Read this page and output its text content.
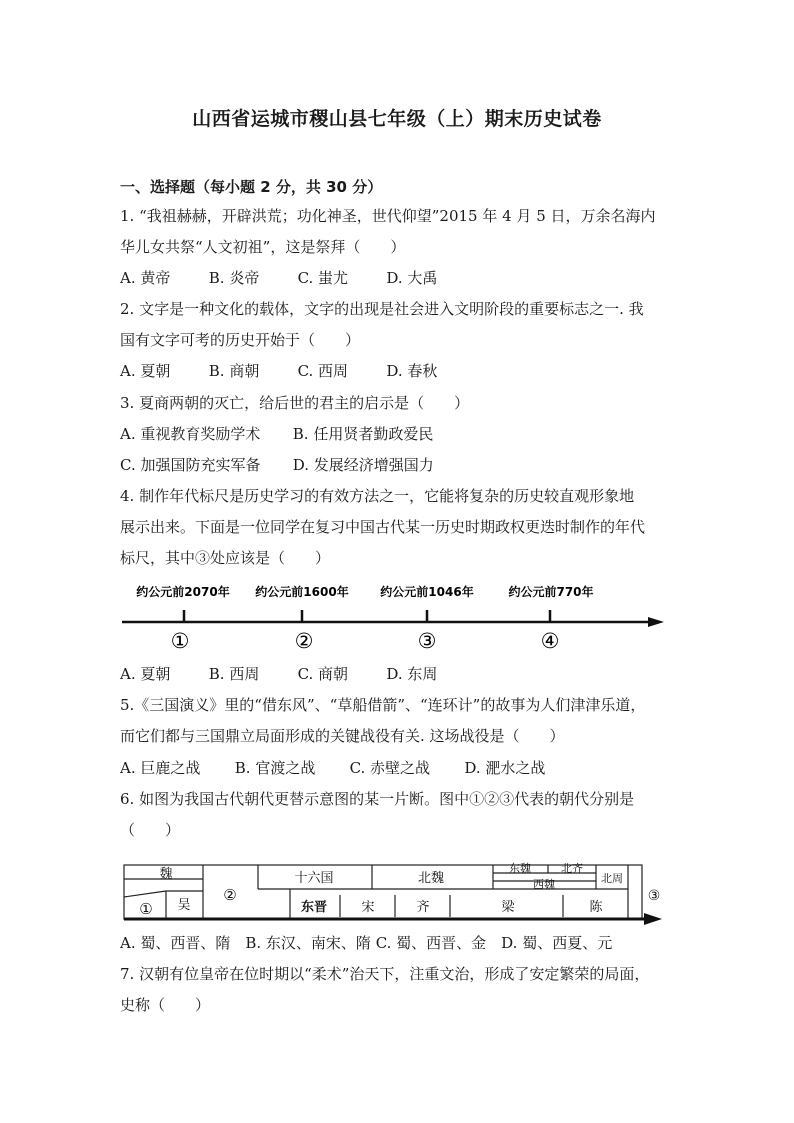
山西省运城市稷山县七年级（上）期末历史试卷
一、选择题（每小题 2 分，共 30 分）
1. “我祖赫赫，开辟洪荒；功化神圣，世代仰望”2015 年 4 月 5 日，万余名海内
华儿女共祭“人文初祖”，这是祭拜（　　）
A. 黄帝	B. 炎帝	C. 蚩尤	D. 大禹
2. 文字是一种文化的载体，文字的出现是社会进入文明阶段的重要标志之一. 我
国有文字可考的历史开始于（　　）
A. 夏朝	B. 商朝	C. 西周	D. 春秋
3. 夏商两朝的灭亡，给后世的君主的启示是（　　）
A. 重视教育奖励学术 B. 任用贤者勤政爱民
C. 加强国防充实军备 D. 发展经济增强国力
4. 制作年代标尺是历史学习的有效方法之一，它能将复杂的历史较直观形象地
展示出来。下面是一位同学在复习中国古代某一历史时期政权更迭时制作的年代
标尺，其中③处应该是（　　）
约公元前2070年 约公元前1600年	约公元前1046年	约公元前770年
①	②	③	④
A. 夏朝	B. 西周	C. 商朝	D. 东周
5.《三国演义》里的“借东风”、“草船借箭”、“连环计”的故事为人们津津乐道，
而它们都与三国鼎立局面形成的关键战役有关. 这场战役是（　　）
A. 巨鹿之战 B. 官渡之战 C. 赤壁之战 D. 淝水之战
6. 如图为我国古代朝代更替示意图的某一片断。图中①②③代表的朝代分别是
（　　）
魏
① 吴
②
十六国	北魏
东魏	北齐
西魏	北周
③
东晋	宋	齐	梁	陈
A. 蜀、西晋、隋　B. 东汉、南宋、隋 C. 蜀、西晋、金　D. 蜀、西夏、元
7. 汉朝有位皇帝在位时期以“柔术”治天下，注重文治，形成了安定繁荣的局面，
史称（　　）
